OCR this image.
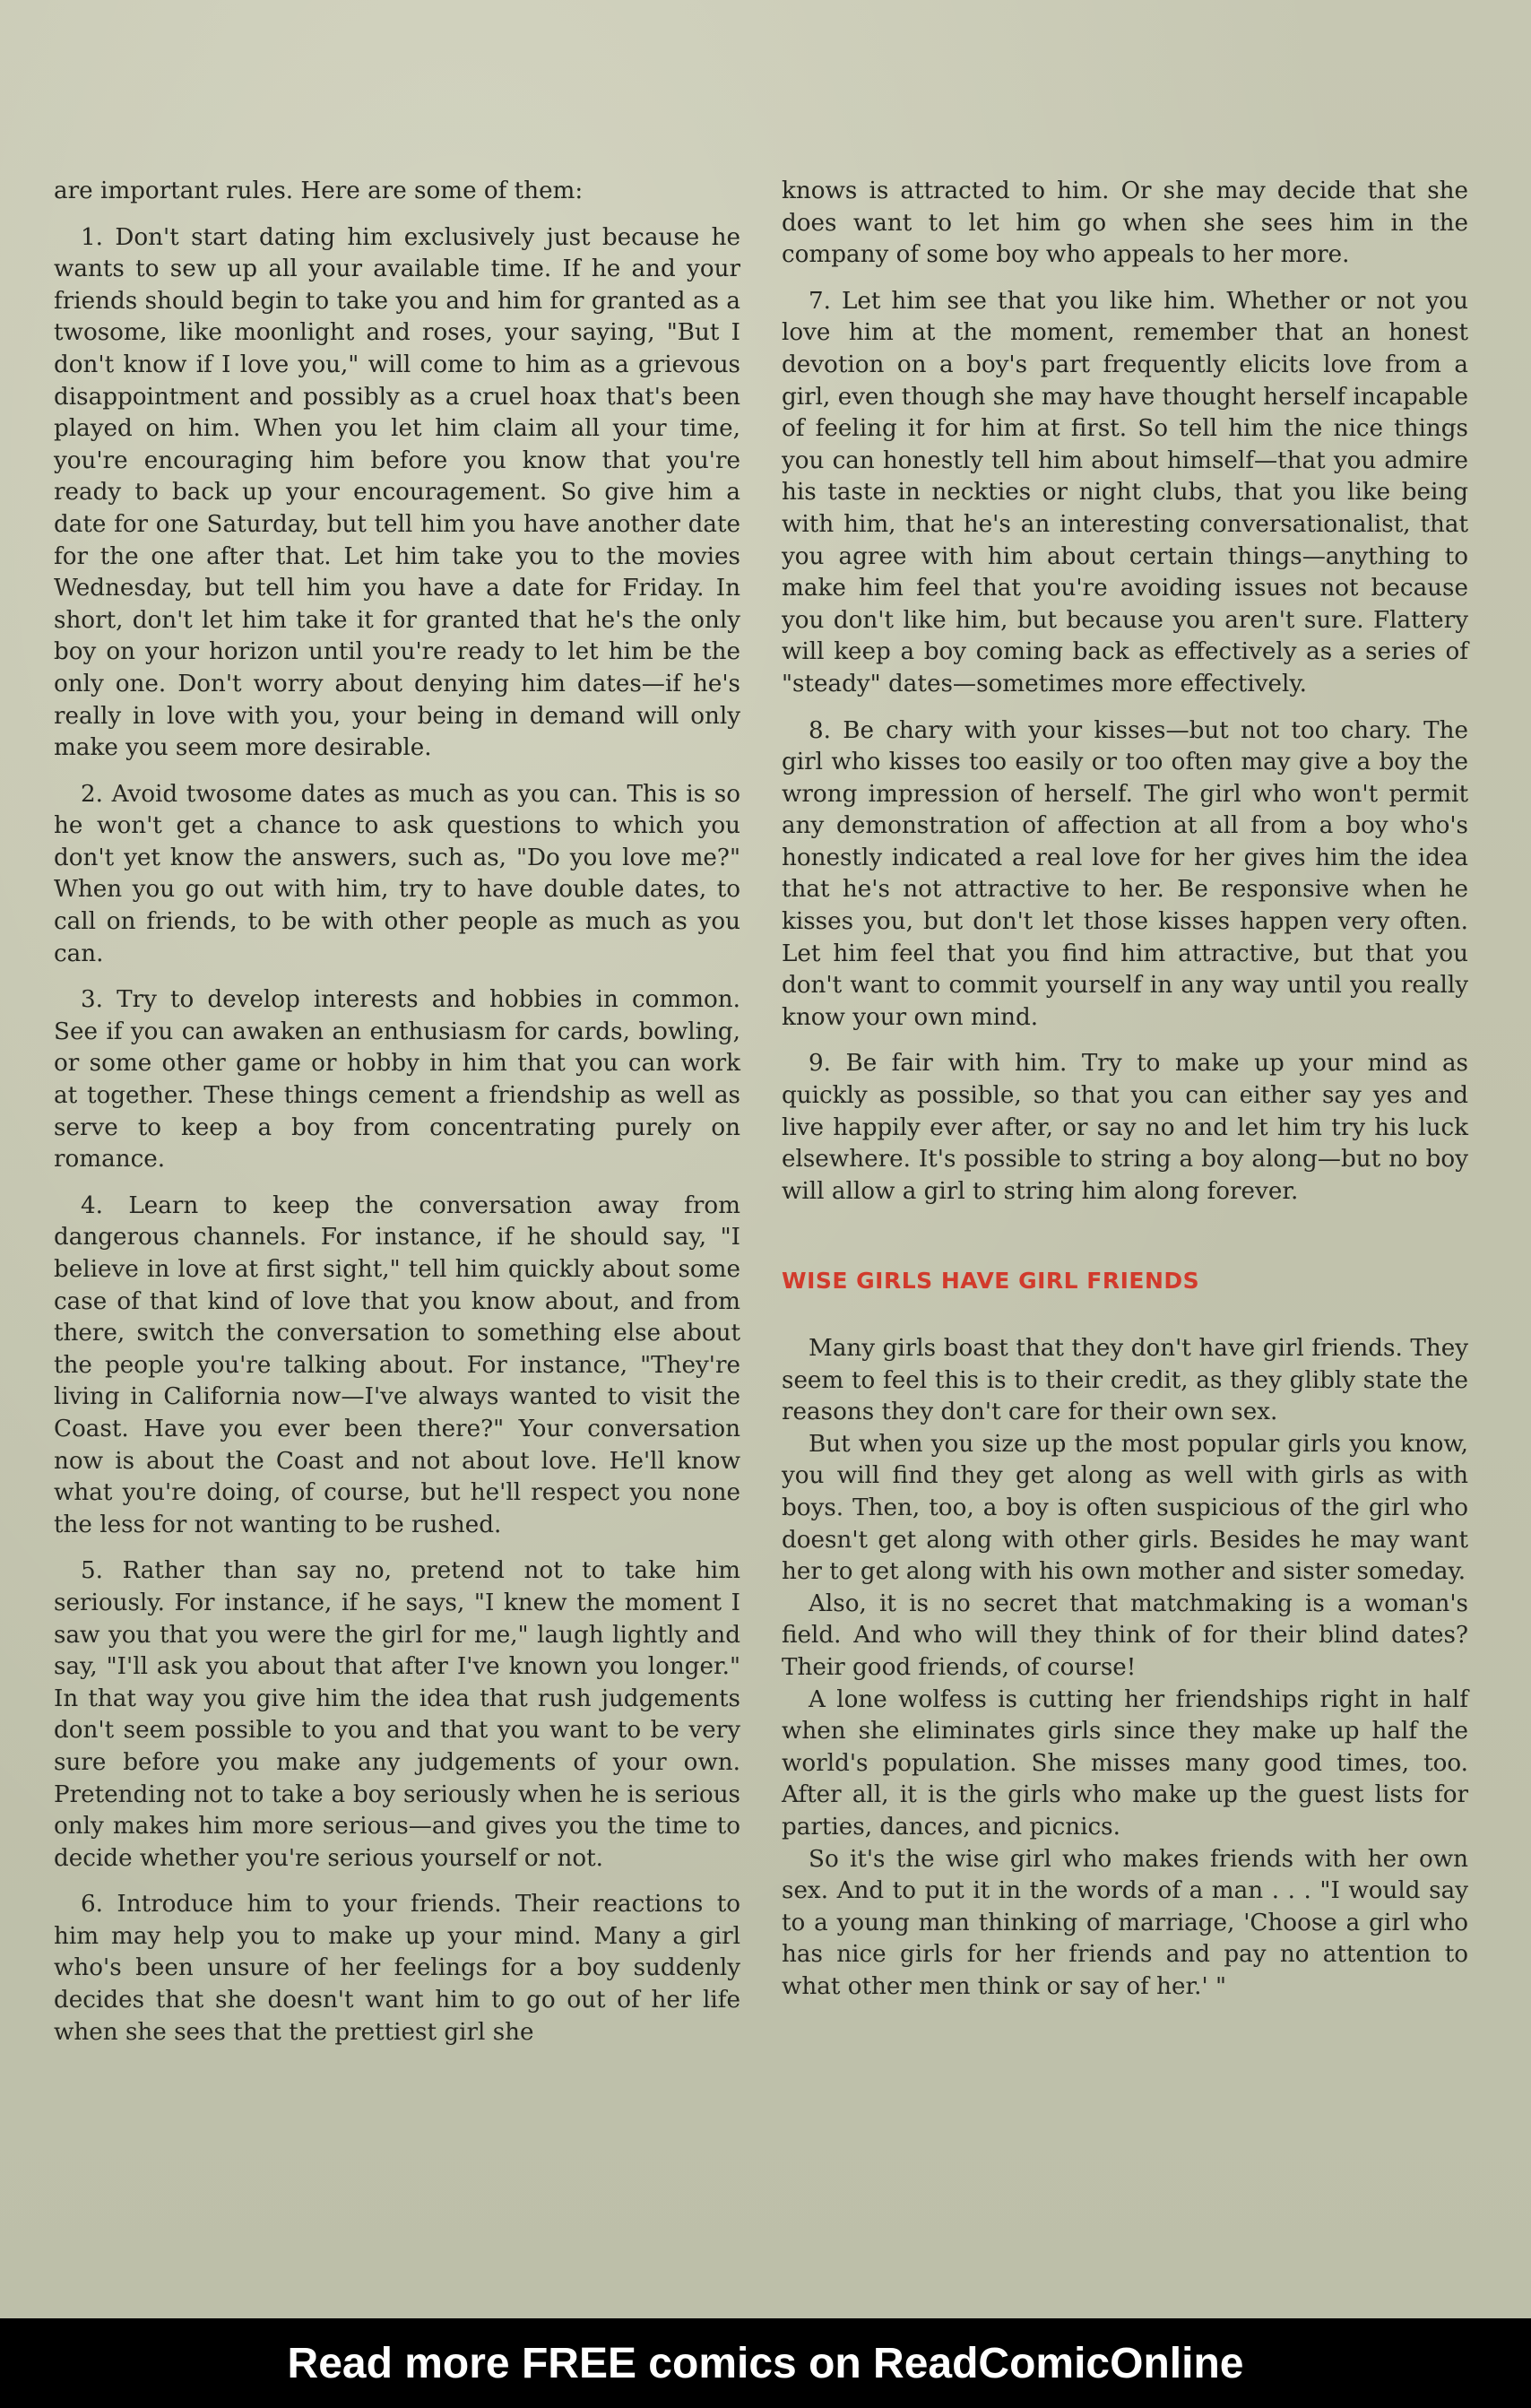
are important rules. Here are some of them:

1. Don't start dating him exclusively just because he wants to sew up all your available time. If he and your friends should begin to take you and him for granted as a twosome, like moonlight and roses, your saying, "But I don't know if I love you," will come to him as a grievous disappointment and possibly as a cruel hoax that's been played on him. When you let him claim all your time, you're encouraging him before you know that you're ready to back up your encouragement. So give him a date for one Saturday, but tell him you have another date for the one after that. Let him take you to the movies Wednesday, but tell him you have a date for Friday. In short, don't let him take it for granted that he's the only boy on your horizon until you're ready to let him be the only one. Don't worry about denying him dates—if he's really in love with you, your being in demand will only make you seem more desirable.

2. Avoid twosome dates as much as you can. This is so he won't get a chance to ask questions to which you don't yet know the answers, such as, "Do you love me?" When you go out with him, try to have double dates, to call on friends, to be with other people as much as you can.

3. Try to develop interests and hobbies in common. See if you can awaken an enthusiasm for cards, bowling, or some other game or hobby in him that you can work at together. These things cement a friendship as well as serve to keep a boy from concentrating purely on romance.

4. Learn to keep the conversation away from dangerous channels. For instance, if he should say, "I believe in love at first sight," tell him quickly about some case of that kind of love that you know about, and from there, switch the conversation to something else about the people you're talking about. For instance, "They're living in California now—I've always wanted to visit the Coast. Have you ever been there?" Your conversation now is about the Coast and not about love. He'll know what you're doing, of course, but he'll respect you none the less for not wanting to be rushed.

5. Rather than say no, pretend not to take him seriously. For instance, if he says, "I knew the moment I saw you that you were the girl for me," laugh lightly and say, "I'll ask you about that after I've known you longer." In that way you give him the idea that rush judgements don't seem possible to you and that you want to be very sure before you make any judgements of your own. Pretending not to take a boy seriously when he is serious only makes him more serious—and gives you the time to decide whether you're serious yourself or not.

6. Introduce him to your friends. Their reactions to him may help you to make up your mind. Many a girl who's been unsure of her feelings for a boy suddenly decides that she doesn't want him to go out of her life when she sees that the prettiest girl she

knows is attracted to him. Or she may decide that she does want to let him go when she sees him in the company of some boy who appeals to her more.

7. Let him see that you like him. Whether or not you love him at the moment, remember that an honest devotion on a boy's part frequently elicits love from a girl, even though she may have thought herself incapable of feeling it for him at first. So tell him the nice things you can honestly tell him about himself—that you admire his taste in neckties or night clubs, that you like being with him, that he's an interesting conversationalist, that you agree with him about certain things—anything to make him feel that you're avoiding issues not because you don't like him, but because you aren't sure. Flattery will keep a boy coming back as effectively as a series of "steady" dates—sometimes more effectively.

8. Be chary with your kisses—but not too chary. The girl who kisses too easily or too often may give a boy the wrong impression of herself. The girl who won't permit any demonstration of affection at all from a boy who's honestly indicated a real love for her gives him the idea that he's not attractive to her. Be responsive when he kisses you, but don't let those kisses happen very often. Let him feel that you find him attractive, but that you don't want to commit yourself in any way until you really know your own mind.

9. Be fair with him. Try to make up your mind as quickly as possible, so that you can either say yes and live happily ever after, or say no and let him try his luck elsewhere. It's possible to string a boy along—but no boy will allow a girl to string him along forever.

WISE GIRLS HAVE GIRL FRIENDS

Many girls boast that they don't have girl friends. They seem to feel this is to their credit, as they glibly state the reasons they don't care for their own sex.

But when you size up the most popular girls you know, you will find they get along as well with girls as with boys. Then, too, a boy is often suspicious of the girl who doesn't get along with other girls. Besides he may want her to get along with his own mother and sister someday.

Also, it is no secret that matchmaking is a woman's field. And who will they think of for their blind dates? Their good friends, of course!

A lone wolfess is cutting her friendships right in half when she eliminates girls since they make up half the world's population. She misses many good times, too. After all, it is the girls who make up the guest lists for parties, dances, and picnics.

So it's the wise girl who makes friends with her own sex. And to put it in the words of a man . . . "I would say to a young man thinking of marriage, 'Choose a girl who has nice girls for her friends and pay no attention to what other men think or say of her.' "

Read more FREE comics on ReadComicOnline
